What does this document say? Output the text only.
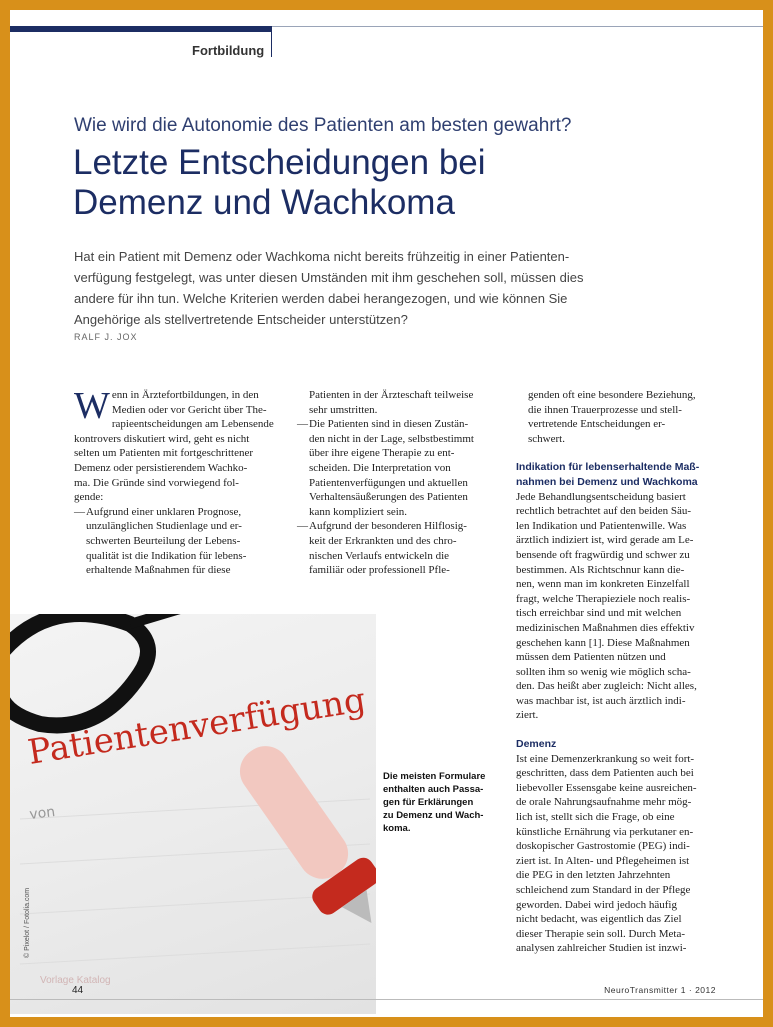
Fortbildung
Wie wird die Autonomie des Patienten am besten gewahrt?
Letzte Entscheidungen bei
Demenz und Wachkoma
Hat ein Patient mit Demenz oder Wachkoma nicht bereits frühzeitig in einer Patienten-
verfügung festgelegt, was unter diesen Umständen mit ihm geschehen soll, müssen dies
andere für ihn tun. Welche Kriterien werden dabei herangezogen, und wie können Sie
Angehörige als stellvertretende Entscheider unterstützen?
RALF J. JOX
W enn in Ärztefortbildungen, in den
Medien oder vor Gericht über The-
rapieentscheidungen am Lebensende
kontrovers diskutiert wird, geht es nicht
selten um Patienten mit fortgeschrittener
Demenz oder persistierendem Wachko-
ma. Die Gründe sind vorwiegend fol-
gende:
—Aufgrund einer unklaren Prognose,
unzulänglichen Studienlage und er-
schwerten Beurteilung der Lebens-
qualität ist die Indikation für lebens-
erhaltende Maßnahmen für diese
Patienten in der Ärzteschaft teilweise
sehr umstritten.
—Die Patienten sind in diesen Zustän-
den nicht in der Lage, selbstbestimmt
über ihre eigene Therapie zu ent-
scheiden. Die Interpretation von
Patientenverfügungen und aktuellen
Verhaltensäußerungen des Patienten
kann kompliziert sein.
—Aufgrund der besonderen Hilflosig-
keit der Erkrankten und des chro-
nischen Verlaufs entwickeln die
familiär oder professionell Pfle-
genden oft eine besondere Beziehung,
die ihnen Trauerprozesse und stell-
vertretende Entscheidungen er-
schwert.
Indikation für lebenserhaltende Maß-
nahmen bei Demenz und Wachkoma
Jede Behandlungsentscheidung basiert
rechtlich betrachtet auf den beiden Säu-
len Indikation und Patientenwille. Was
ärztlich indiziert ist, wird gerade am Le-
bensende oft fragwürdig und schwer zu
bestimmen. Als Richtschnur kann die-
nen, wenn man im konkreten Einzelfall
fragt, welche Therapieziele noch realis-
tisch erreichbar sind und mit welchen
medizinischen Maßnahmen dies effektiv
geschehen kann [1]. Diese Maßnahmen
müssen dem Patienten nützen und
sollten ihm so wenig wie möglich scha-
den. Das heißt aber zugleich: Nicht alles,
was machbar ist, ist auch ärztlich indi-
ziert.
Demenz
Ist eine Demenzerkrankung so weit fort-
geschritten, dass dem Patienten auch bei
liebevoller Essensgabe keine ausreichen-
de orale Nahrungsaufnahme mehr mög-
lich ist, stellt sich die Frage, ob eine
künstliche Ernährung via perkutaner en-
doskopischer Gastrostomie (PEG) indi-
ziert ist. In Alten- und Pflegeheimen ist
die PEG in den letzten Jahrzehnten
schleichend zum Standard in der Pflege
geworden. Dabei wird jedoch häufig
nicht bedacht, was eigentlich das Ziel
dieser Therapie sein soll. Durch Meta-
analysen zahlreicher Studien ist inzwi-
Patientenverfügung
von
Die meisten Formulare
enthalten auch Passa-
gen für Erklärungen
zu Demenz und Wach-
koma.
© Pixelot / Fotolia.com
Vorlage Katalog
44	NeuroTransmitter 1 · 2012
